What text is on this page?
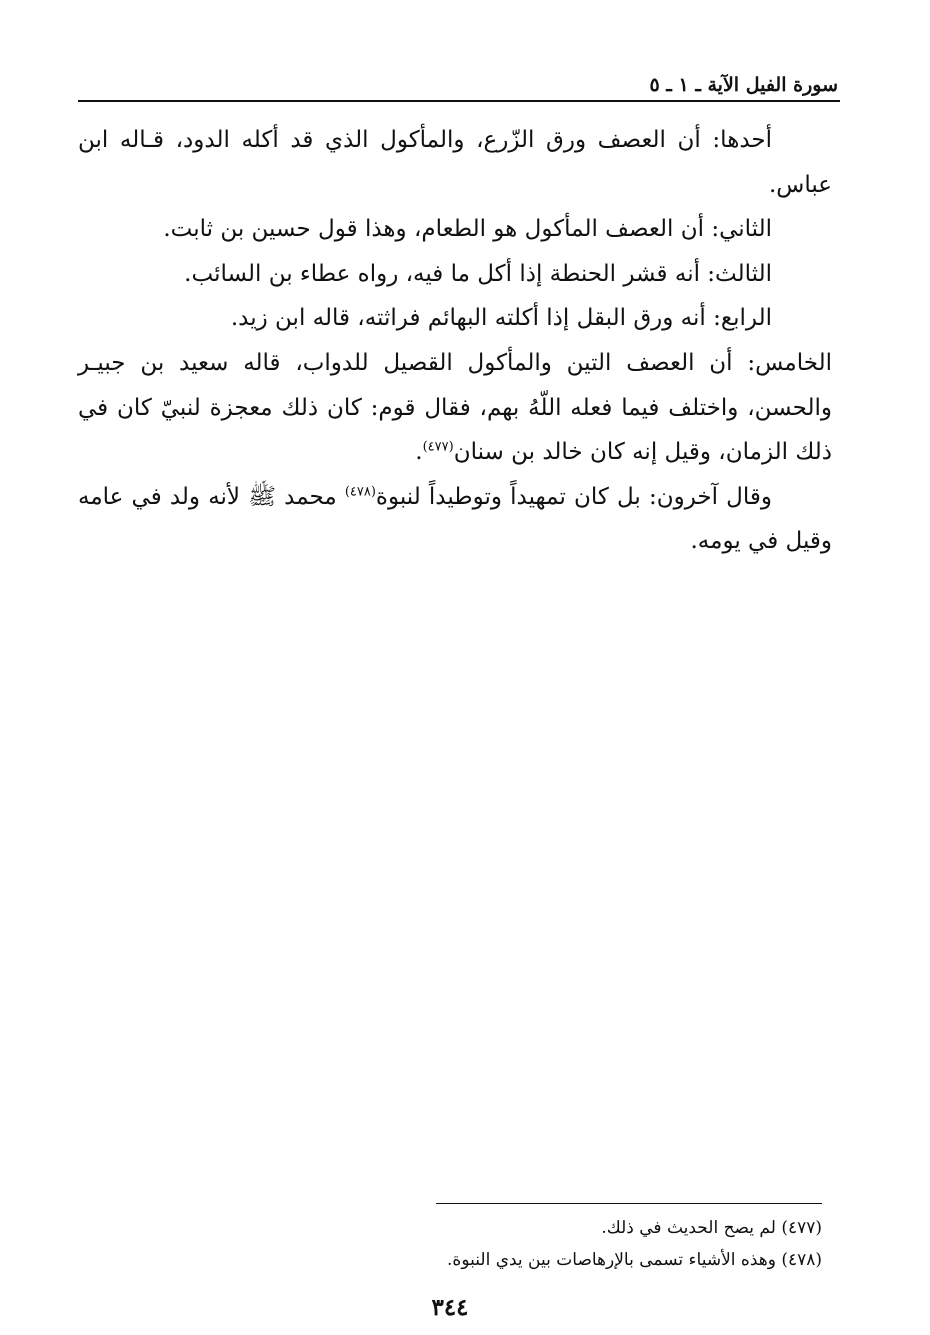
سورة الفيل الآية ـ ١ ـ ٥

أحدها: أن العصف ورق الزّرع، والمأكول الذي قد أكله الدود، قـاله ابن عباس.

الثاني: أن العصف المأكول هو الطعام، وهذا قول حسين بن ثابت.

الثالث: أنه قشر الحنطة إذا أكل ما فيه، رواه عطاء بن السائب.

الرابع: أنه ورق البقل إذا أكلته البهائم فراثته، قاله ابن زيد.

الخامس: أن العصف التين والمأكول القصيل للدواب، قاله سعيد بن جبيـر والحسن، واختلف فيما فعله اللّهُ بهم، فقال قوم: كان ذلك معجزة لنبيّ كان في ذلك الزمان، وقيل إنه كان خالد بن سنان$^{(٤٧٧)}$.

وقال آخرون: بل كان تمهيداً وتوطيداً لنبوة$^{(٤٧٨)}$ محمد ﷺ لأنه ولد في عامه وقيل في يومه.

(٤٧٧) لم يصح الحديث في ذلك.

(٤٧٨) وهذه الأشياء تسمى بالإرهاصات بين يدي النبوة.

٣٤٤
